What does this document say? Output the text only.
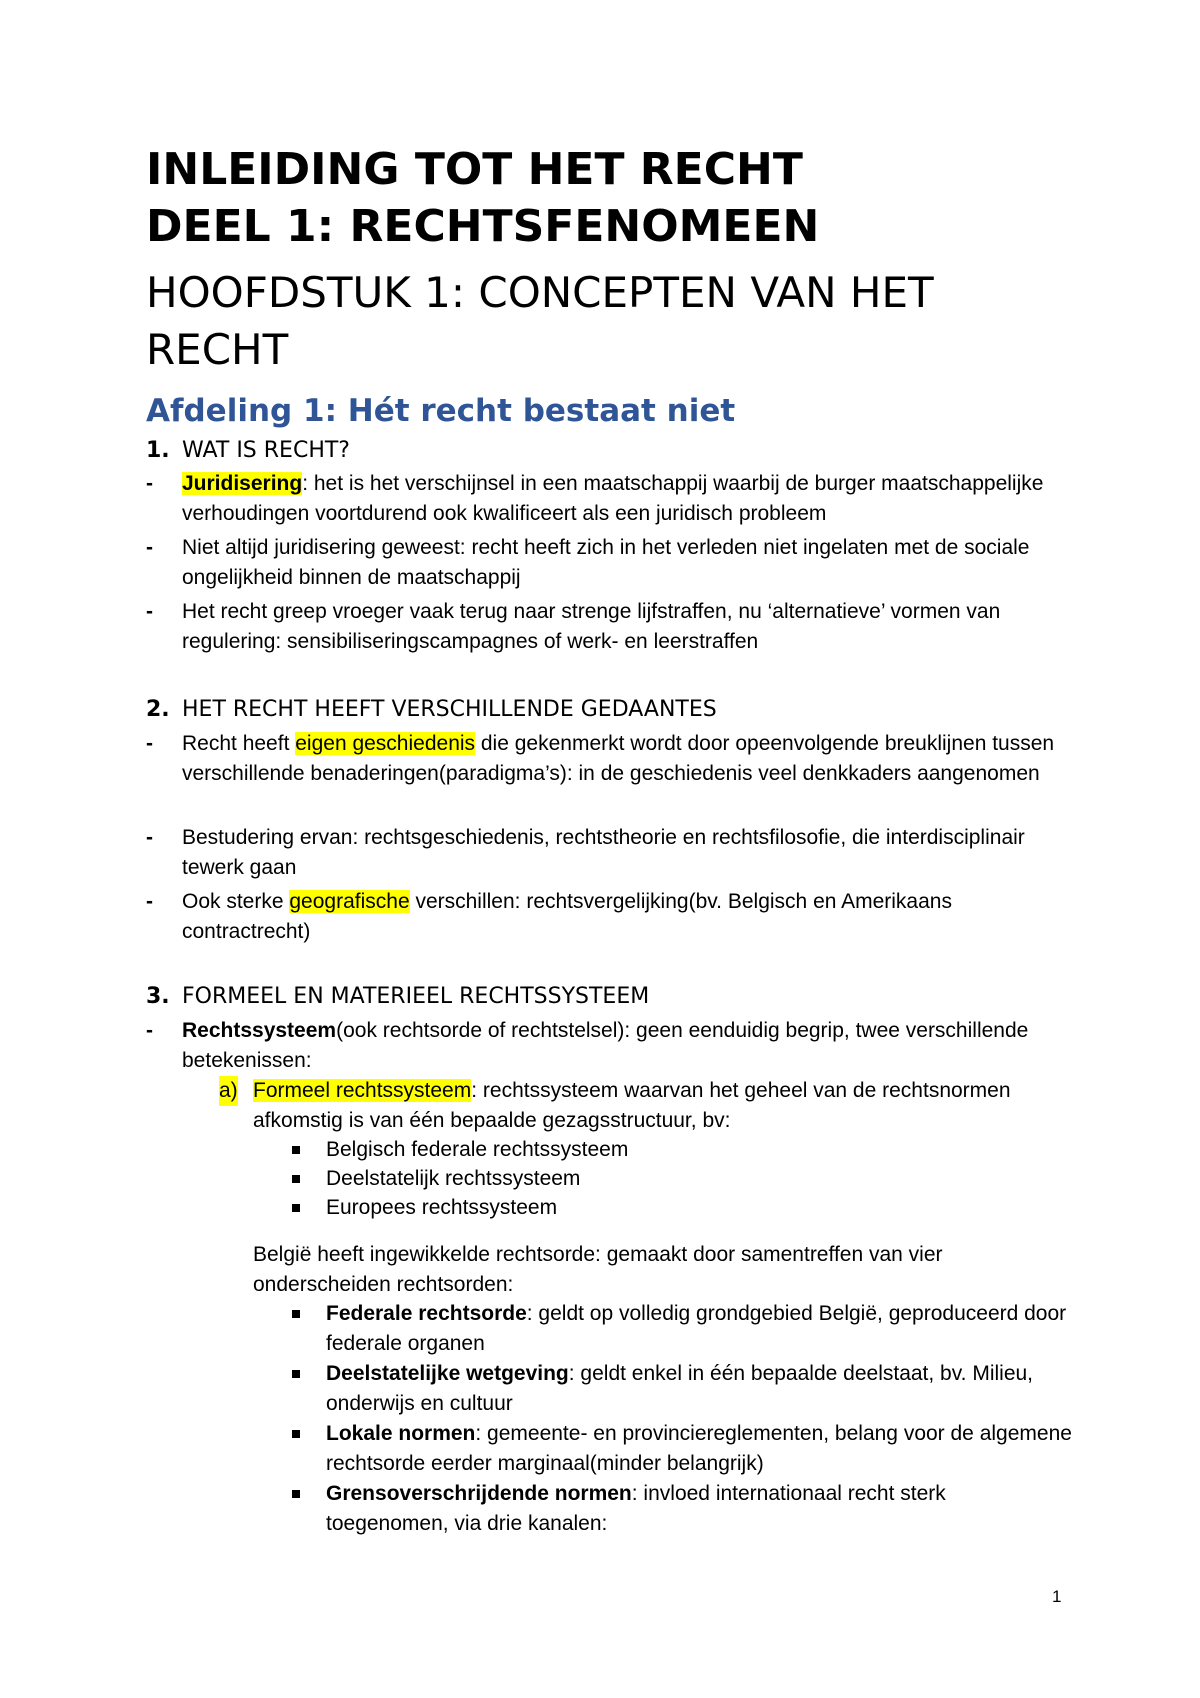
INLEIDING TOT HET RECHT
DEEL 1: RECHTSFENOMEEN
HOOFDSTUK 1: CONCEPTEN VAN HET RECHT
Afdeling 1: Hét recht bestaat niet
1. WAT IS RECHT?
- Juridisering: het is het verschijnsel in een maatschappij waarbij de burger maatschappelijke verhoudingen voortdurend ook kwalificeert als een juridisch probleem
- Niet altijd juridisering geweest: recht heeft zich in het verleden niet ingelaten met de sociale ongelijkheid binnen de maatschappij
- Het recht greep vroeger vaak terug naar strenge lijfstraffen, nu ‘alternatieve’ vormen van regulering: sensibiliseringscampagnes of werk- en leerstraffen
2. HET RECHT HEEFT VERSCHILLENDE GEDAANTES
- Recht heeft eigen geschiedenis die gekenmerkt wordt door opeenvolgende breuklijnen tussen verschillende benaderingen(paradigma’s): in de geschiedenis veel denkkaders aangenomen
- Bestudering ervan: rechtsgeschiedenis, rechtstheorie en rechtsfilosofie, die interdisciplinair tewerk gaan
- Ook sterke geografische verschillen: rechtsvergelijking(bv. Belgisch en Amerikaans contractrecht)
3. FORMEEL EN MATERIEEL RECHTSSYSTEEM
- Rechtssysteem(ook rechtsorde of rechtstelsel): geen eenduidig begrip, twee verschillende betekenissen:
a) Formeel rechtssysteem: rechtssysteem waarvan het geheel van de rechtsnormen afkomstig is van één bepaalde gezagsstructuur, bv:
Belgisch federale rechtssysteem
Deelstatelijk rechtssysteem
Europees rechtssysteem
België heeft ingewikkelde rechtsorde: gemaakt door samentreffen van vier onderscheiden rechtsorden:
Federale rechtsorde: geldt op volledig grondgebied België, geproduceerd door federale organen
Deelstatelijke wetgeving: geldt enkel in één bepaalde deelstaat, bv. Milieu, onderwijs en cultuur
Lokale normen: gemeente- en provinciereglementen, belang voor de algemene rechtsorde eerder marginaal(minder belangrijk)
Grensoverschrijdende normen: invloed internationaal recht sterk toegenomen, via drie kanalen:
1
